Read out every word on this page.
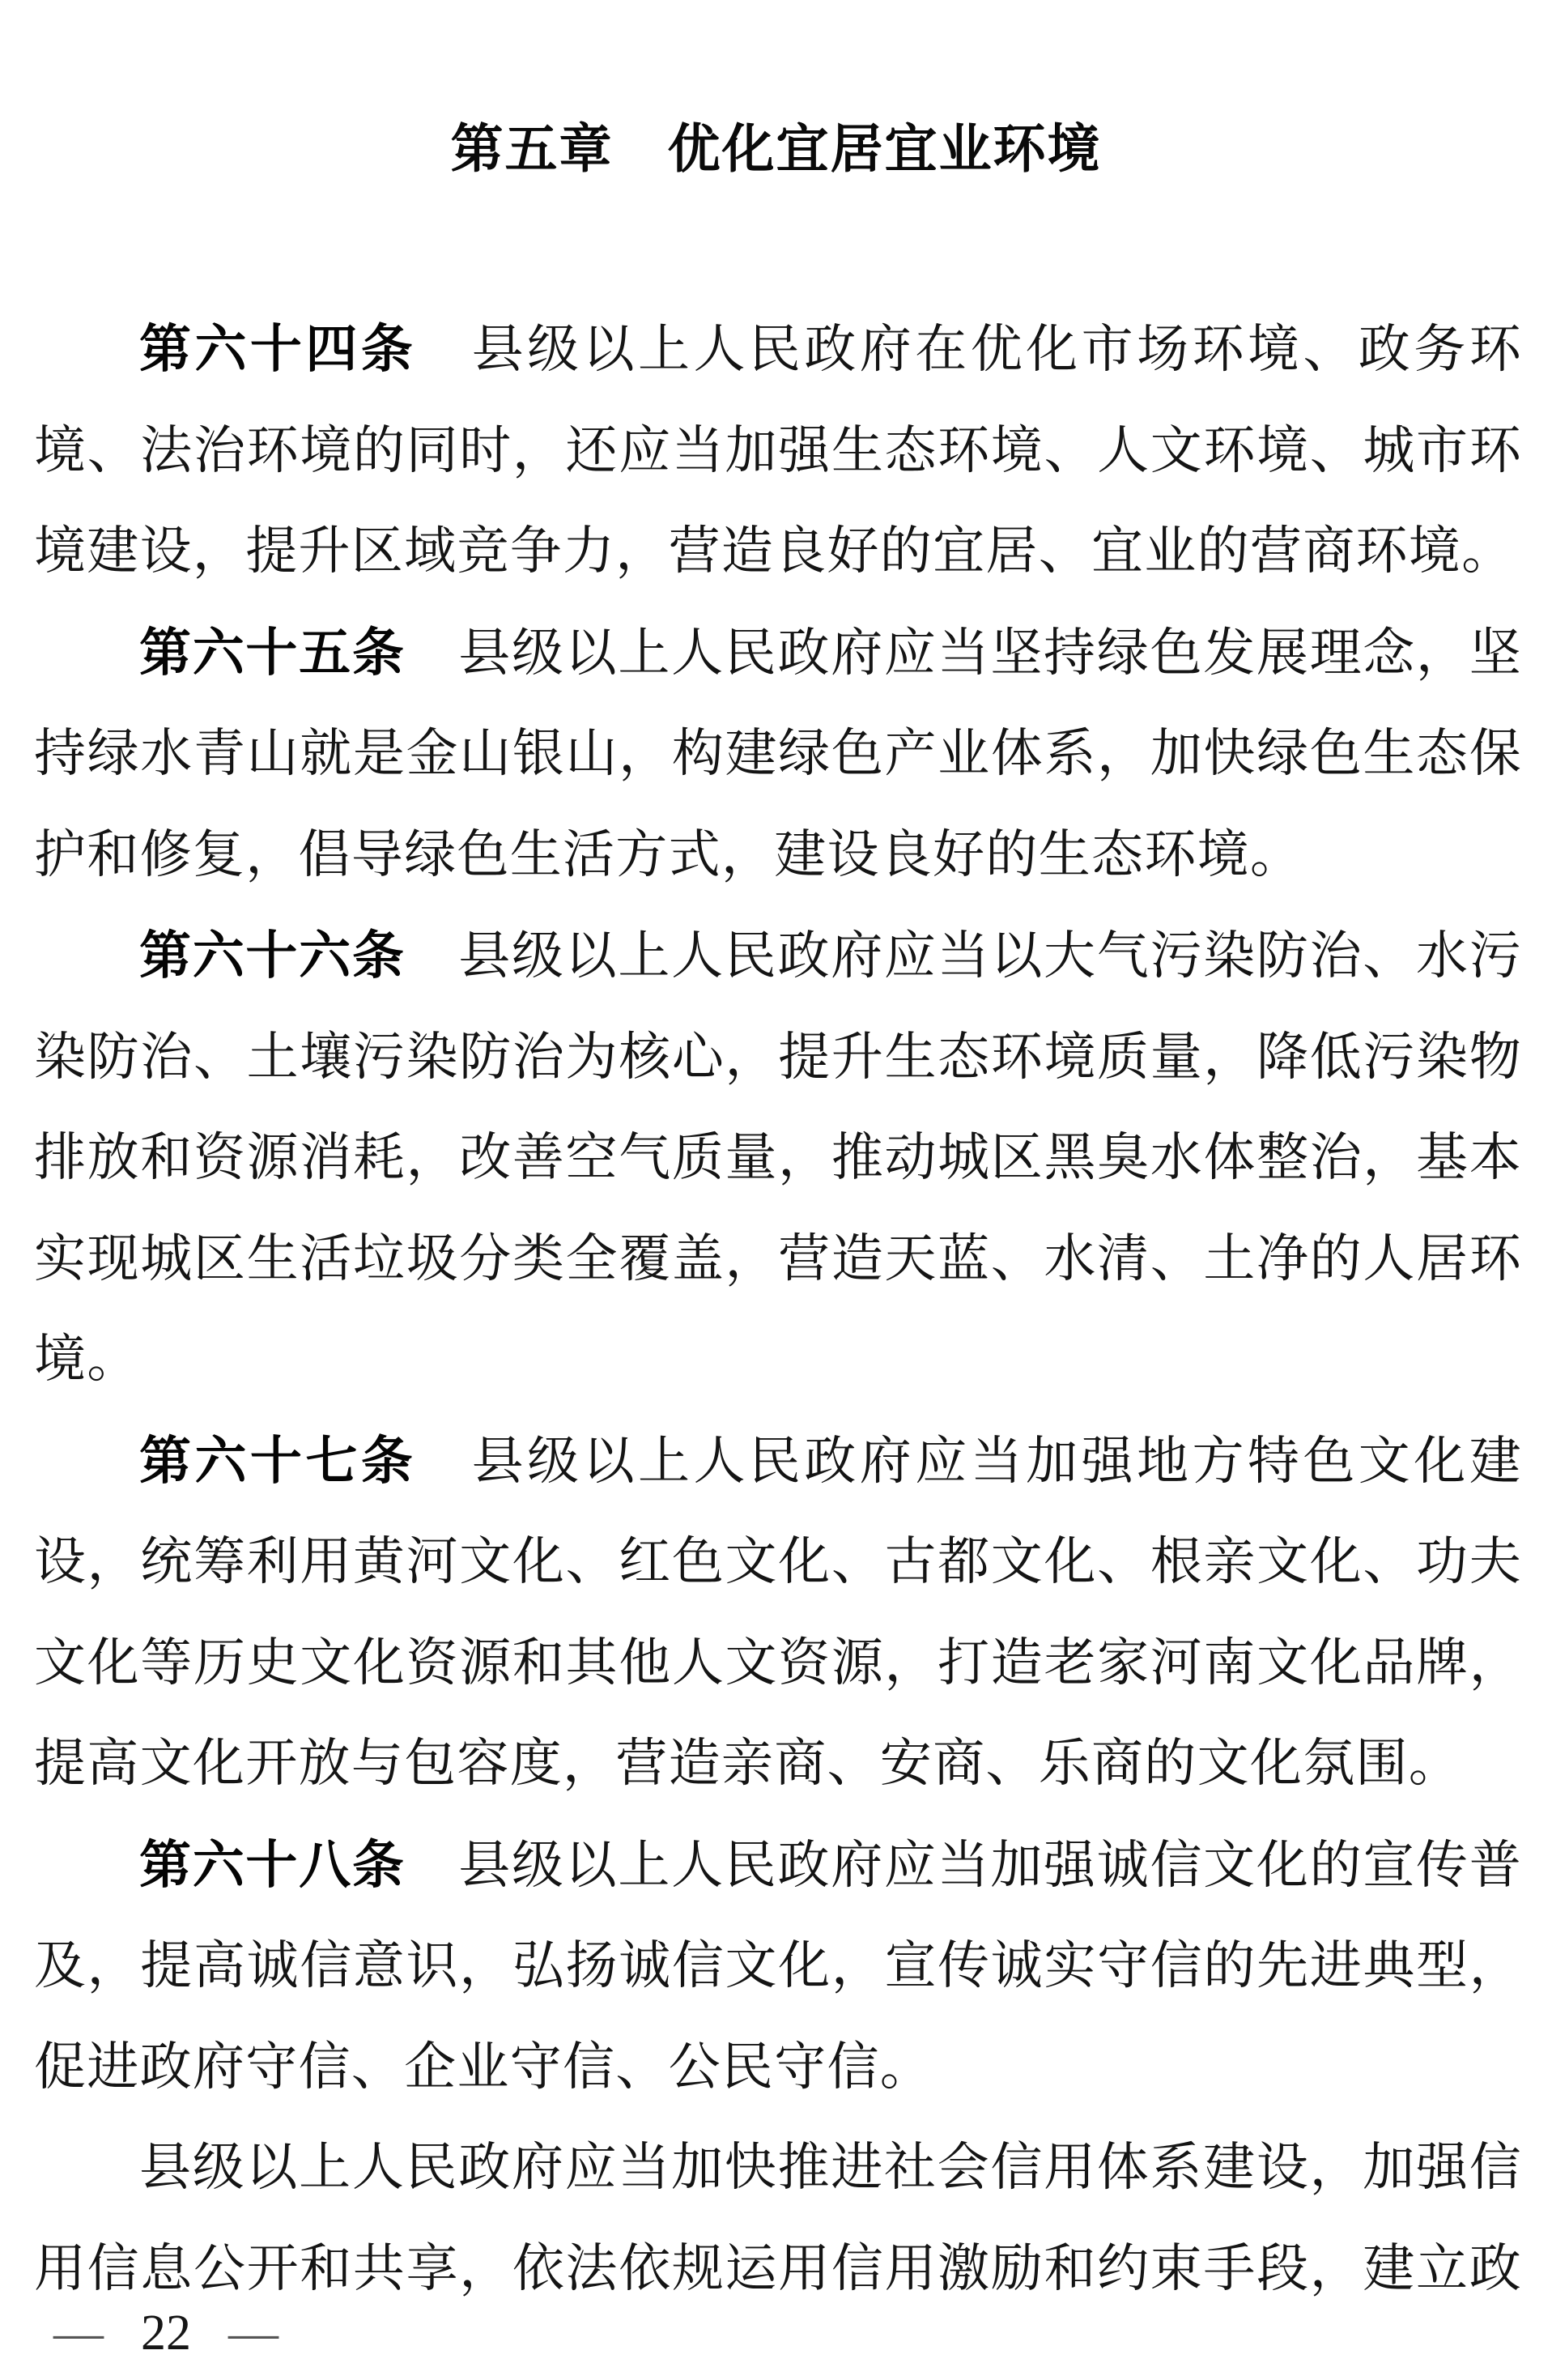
第五章　优化宜居宜业环境
第六十四条　县级以上人民政府在优化市场环境、政务环
境、法治环境的同时，还应当加强生态环境、人文环境、城市环
境建设，提升区域竞争力，营造良好的宜居、宜业的营商环境。
第六十五条　县级以上人民政府应当坚持绿色发展理念，坚
持绿水青山就是金山银山，构建绿色产业体系，加快绿色生态保
护和修复，倡导绿色生活方式，建设良好的生态环境。
第六十六条　县级以上人民政府应当以大气污染防治、水污
染防治、土壤污染防治为核心，提升生态环境质量，降低污染物
排放和资源消耗，改善空气质量，推动城区黑臭水体整治，基本
实现城区生活垃圾分类全覆盖，营造天蓝、水清、土净的人居环
境。
第六十七条　县级以上人民政府应当加强地方特色文化建
设，统筹利用黄河文化、红色文化、古都文化、根亲文化、功夫
文化等历史文化资源和其他人文资源，打造老家河南文化品牌，
提高文化开放与包容度，营造亲商、安商、乐商的文化氛围。
第六十八条　县级以上人民政府应当加强诚信文化的宣传普
及，提高诚信意识，弘扬诚信文化，宣传诚实守信的先进典型，
促进政府守信、企业守信、公民守信。
县级以上人民政府应当加快推进社会信用体系建设，加强信
用信息公开和共享，依法依规运用信用激励和约束手段，建立政
— 22 —
